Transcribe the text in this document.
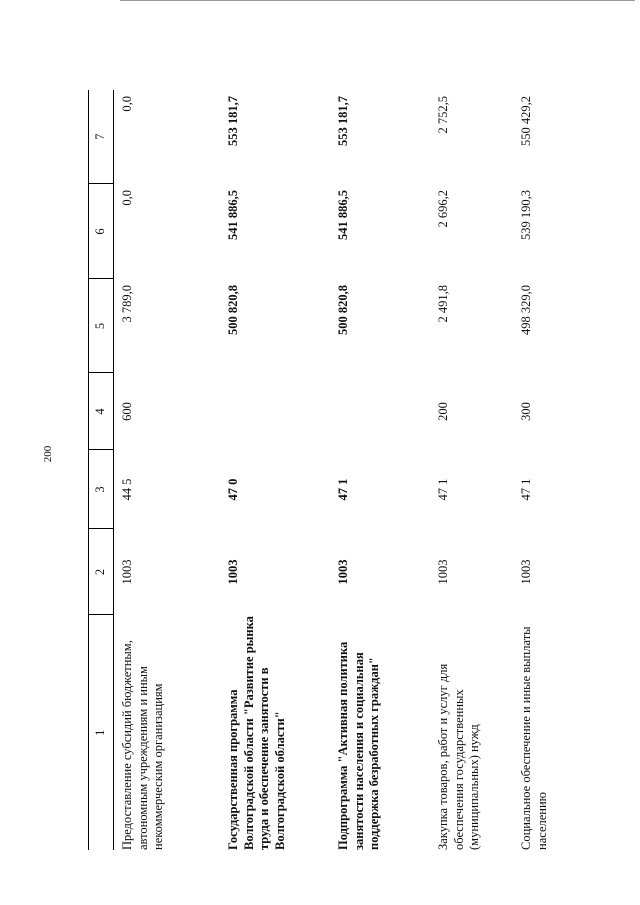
200
1	2	3	4	5	6	7
Предоставление субсидий бюджетным, автономным учреждениям и иным некоммерческим организациям	1003	44 5	600	3 789,0	0,0	0,0
Государственная программа Волгоградской области "Развитие рынка труда и обеспечение занятости в Волгоградской области"	1003	47 0		500 820,8	541 886,5	553 181,7
Подпрограмма "Активная политика занятости населения и социальная поддержка безработных граждан"	1003	47 1		500 820,8	541 886,5	553 181,7
Закупка товаров, работ и услуг для обеспечения государственных (муниципальных) нужд	1003	47 1	200	2 491,8	2 696,2	2 752,5
Социальное обеспечение и иные выплаты населению	1003	47 1	300	498 329,0	539 190,3	550 429,2
